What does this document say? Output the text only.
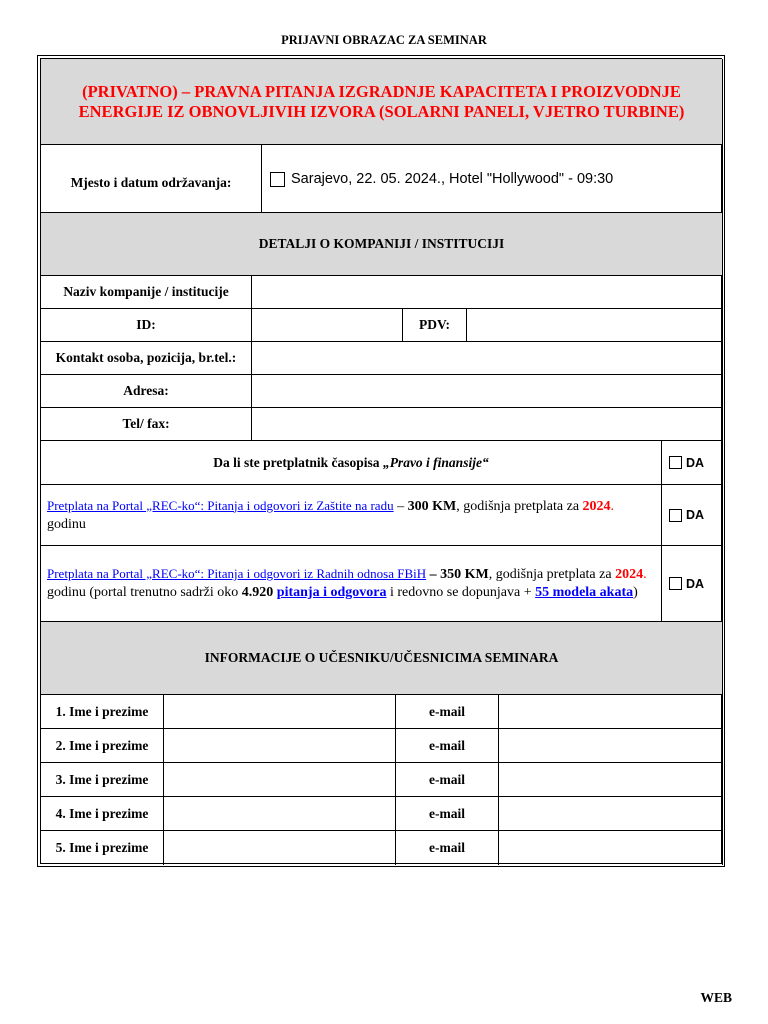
PRIJAVNI OBRAZAC ZA SEMINAR
(PRIVATNO) – PRAVNA PITANJA IZGRADNJE KAPACITETA I PROIZVODNJE
ENERGIJE IZ OBNOVLJIVIH IZVORA (SOLARNI PANELI, VJETRO TURBINE)
Mjesto i datum održavanja:	Sarajevo, 22. 05. 2024., Hotel "Hollywood" - 09:30
DETALJI O KOMPANIJI / INSTITUCIJI
Naziv kompanije / institucije
ID:	PDV:
Kontakt osoba, pozicija, br.tel.:
Adresa:
Tel/ fax:
Da li ste pretplatnik časopisa „Pravo i finansije“	DA
Pretplata na Portal „REC-ko“: Pitanja i odgovori iz Zaštite na radu – 300 KM, godišnja pretplata za 2024. godinu
DA
Pretplata na Portal „REC-ko“: Pitanja i odgovori iz Radnih odnosa FBiH – 350 KM, godišnja pretplata za 2024. godinu (portal trenutno sadrži oko 4.920 pitanja i odgovora i redovno se dopunjava + 55 modela akata)
DA
INFORMACIJE O UČESNIKU/UČESNICIMA SEMINARA
1. Ime i prezime	e-mail
2. Ime i prezime	e-mail
3. Ime i prezime	e-mail
4. Ime i prezime	e-mail
5. Ime i prezime	e-mail
WEB
